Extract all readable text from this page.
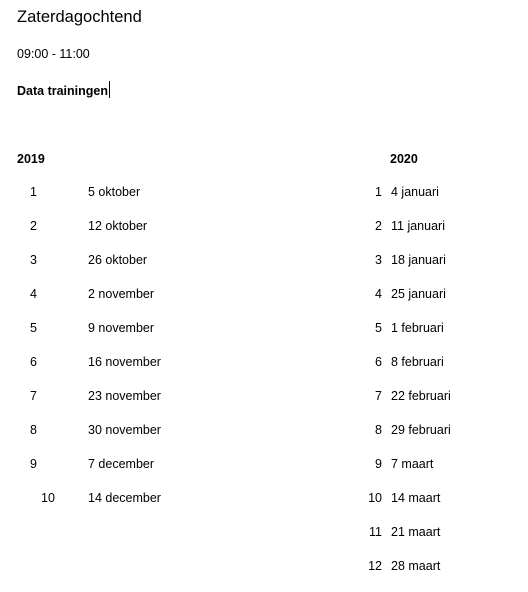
Zaterdagochtend
09:00 - 11:00
Data trainingen
2019	2020
1	5 oktober
2	12 oktober
3	26 oktober
4	2 november
5	9 november
6	16 november
7	23 november
8	30 november
9	7 december
10	14 december
1 4 januari
2 11 januari
3 18 januari
4 25 januari
5 1 februari
6 8 februari
7 22 februari
8 29 februari
9 7 maart
10 14 maart
11 21 maart
12 28 maart
